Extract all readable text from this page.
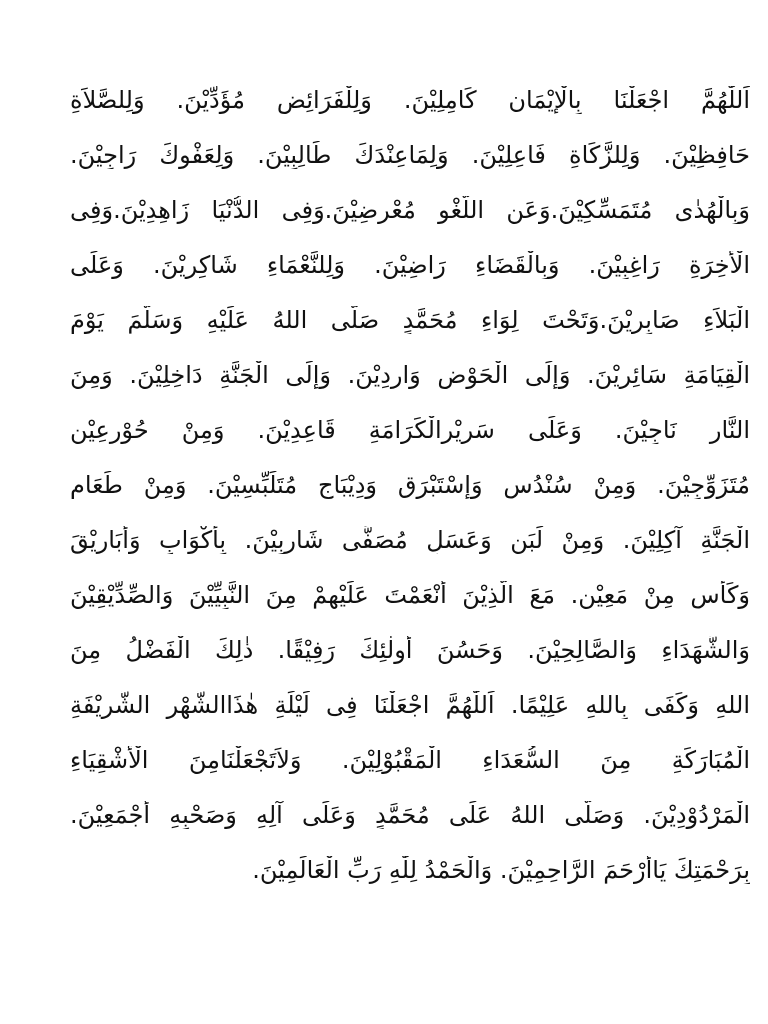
اَللّٰهُمَّ اجْعَلْنَا بِالْإِيْمَانِ كَامِلِيْنَ. وَلِلْفَرَائِضِ مُؤَدِّيْنَ. وَلِلصَّلاَةِ
حَافِظِيْنَ. وَلِلزَّكَاةِ فَاعِلِيْنَ. وَلِمَاعِنْدَكَ طَالِبِيْنَ. وَلِعَفْوِكَ رَاجِيْنَ.
وَبِالْهُدٰى مُتَمَسِّكِيْنَ.وَعَنِ اللَّغْوِ مُعْرِضِيْنَ.وَفِى الدُّنْيَا زَاهِدِيْنَ.وَفِى
الْأٰخِرَةِ رَاغِبِيْنَ. وَبِالْقَضَاءِ رَاضِيْنَ. وَلِلنَّعْمَاءِ شَاكِرِيْنَ. وَعَلَى
الْبَلاَءِ صَابِرِيْنَ.وَتَحْتَ لِوَاءِ مُحَمَّدٍ صَلَّى اللهُ عَلَيْهِ وَسَلَّمَ يَوْمَ
الْقِيَامَةِ سَائِرِيْنَ. وَإِلَى الْحَوْضِ وَارِدِيْنَ. وَإِلَى الْجَنَّةِ دَاخِلِيْنَ. وَمِنَ
النَّارِ نَاجِيْنَ. وَعَلَى سَرِيْرِالْكَرَامَةِ قَاعِدِيْنَ. وَمِنْ حُوْرٍعِيْنٍ
مُتَزَوِّجِيْنَ. وَمِنْ سُنْدُسٍ وَإِسْتَبْرَقٍ وَدِيْبَاجٍ مُتَلَبِّسِيْنَ. وَمِنْ طَعَامِ
الْجَنَّةِ آكِلِيْنَ. وَمِنْ لَبَنٍ وَعَسَلٍ مُصَفًّى شَارِبِيْنَ. بِأَكْوَابٍ وَأَبَارِيْقَ
وَكَأْسٍ مِنْ مَعِيْنٍ. مَعَ الَّذِيْنَ أَنْعَمْتَ عَلَيْهِمْ مِنَ النَّبِيِّيْنَ وَالصِّدِّيْقِيْنَ
وَالشُّهَدَاءِ وَالصَّالِحِيْنَ. وَحَسُنَ أُولٰئِكَ رَفِيْقًا. ذٰلِكَ الْفَضْلُ مِنَ
اللهِ وَكَفَى بِاللهِ عَلِيْمًا. اَللّٰهُمَّ اجْعَلْنَا فِى لَيْلَةِ هٰذَاالشَّهْرِ الشَّرِيْفَةِ
الْمُبَارَكَةِ مِنَ السُّعَدَاءِ الْمَقْبُوْلِيْنَ. وَلاَتَجْعَلْنَامِنَ الْأَشْقِيَاءِ
الْمَرْدُوْدِيْنَ. وَصَلَّى اللهُ عَلَى مُحَمَّدٍ وَعَلَى آلِهِ وَصَحْبِهِ أَجْمَعِيْنَ.
بِرَحْمَتِكَ يَاأَرْحَمَ الرَّاحِمِيْنَ. وَالْحَمْدُ لِلّٰهِ رَبِّ الْعَالَمِيْنَ.
